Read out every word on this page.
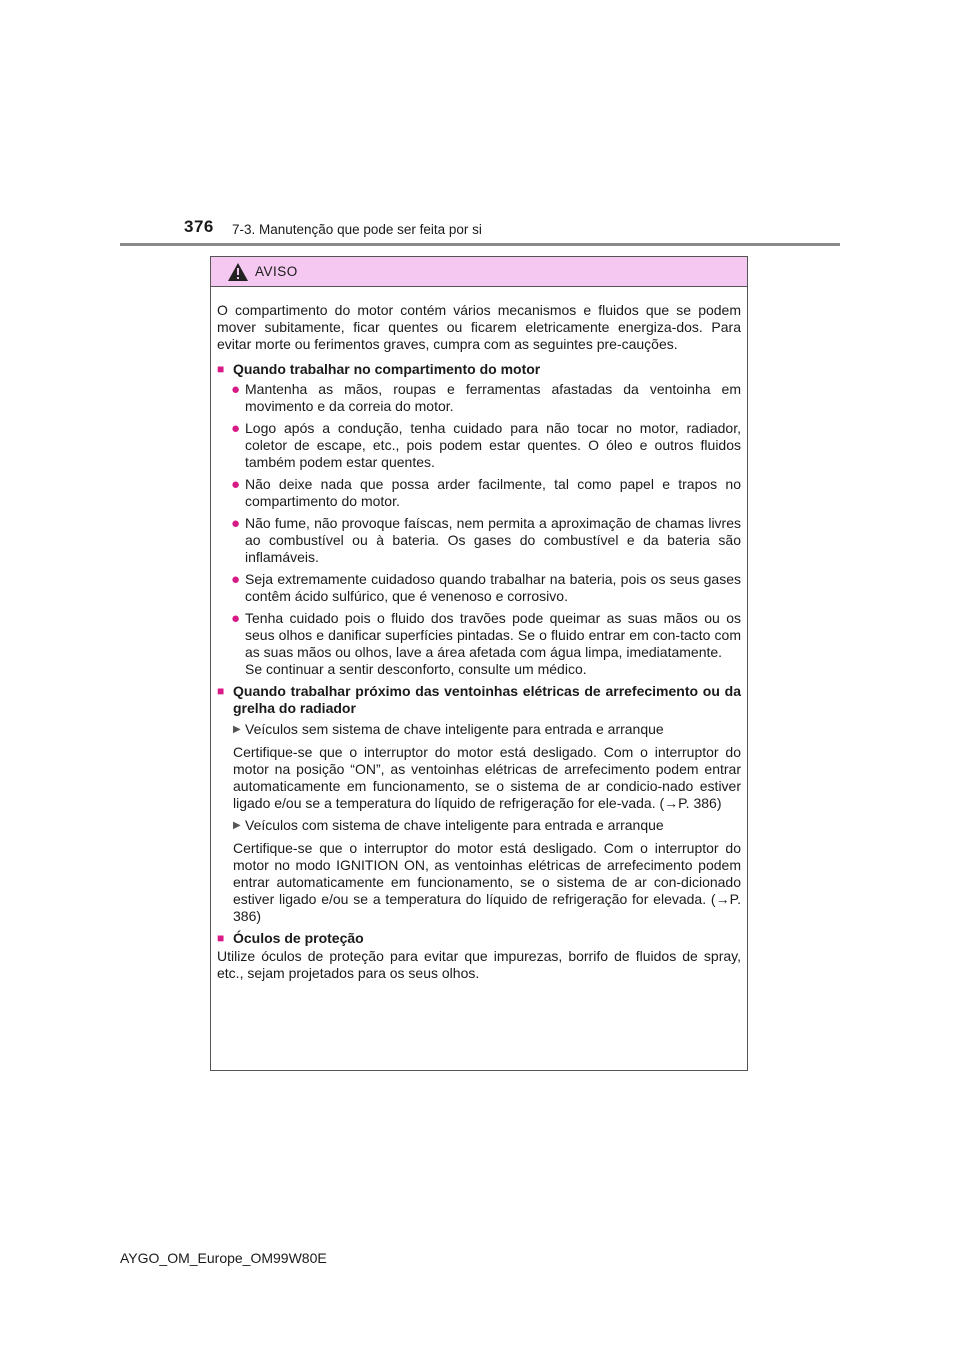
376 7-3. Manutenção que pode ser feita por si
AVISO

O compartimento do motor contém vários mecanismos e fluidos que se podem mover subitamente, ficar quentes ou ficarem eletricamente energiza-dos. Para evitar morte ou ferimentos graves, cumpra com as seguintes pre-cauções.

■ Quando trabalhar no compartimento do motor
● Mantenha as mãos, roupas e ferramentas afastadas da ventoinha em movimento e da correia do motor.
● Logo após a condução, tenha cuidado para não tocar no motor, radiador, coletor de escape, etc., pois podem estar quentes. O óleo e outros fluidos também podem estar quentes.
● Não deixe nada que possa arder facilmente, tal como papel e trapos no compartimento do motor.
● Não fume, não provoque faíscas, nem permita a aproximação de chamas livres ao combustível ou à bateria. Os gases do combustível e da bateria são inflamáveis.
● Seja extremamente cuidadoso quando trabalhar na bateria, pois os seus gases contêm ácido sulfúrico, que é venenoso e corrosivo.
● Tenha cuidado pois o fluido dos travões pode queimar as suas mãos ou os seus olhos e danificar superfícies pintadas. Se o fluido entrar em con-tacto com as suas mãos ou olhos, lave a área afetada com água limpa, imediatamente.

Se continuar a sentir desconforto, consulte um médico.

■ Quando trabalhar próximo das ventoinhas elétricas de arrefecimento ou da grelha do radiador
▶ Veículos sem sistema de chave inteligente para entrada e arranque

Certifique-se que o interruptor do motor está desligado. Com o interruptor do motor na posição “ON”, as ventoinhas elétricas de arrefecimento podem entrar automaticamente em funcionamento, se o sistema de ar condicio-nado estiver ligado e/ou se a temperatura do líquido de refrigeração for ele-vada. (→P. 386)

▶ Veículos com sistema de chave inteligente para entrada e arranque

Certifique-se que o interruptor do motor está desligado. Com o interruptor do motor no modo IGNITION ON, as ventoinhas elétricas de arrefecimento podem entrar automaticamente em funcionamento, se o sistema de ar con-dicionado estiver ligado e/ou se a temperatura do líquido de refrigeração for elevada. (→P. 386)

■ Óculos de proteção

Utilize óculos de proteção para evitar que impurezas, borrifo de fluidos de spray, etc., sejam projetados para os seus olhos.

AYGO_OM_Europe_OM99W80E
